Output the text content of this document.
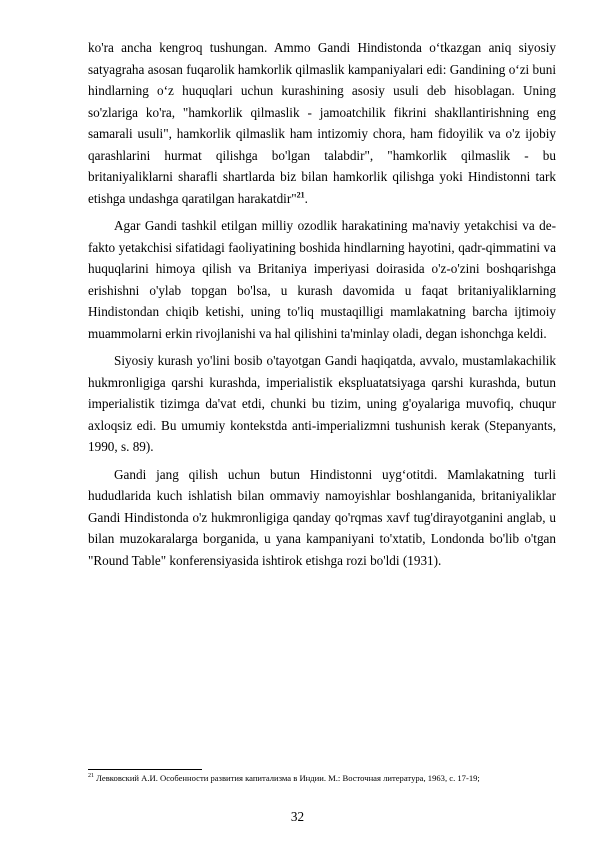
ko'ra ancha kengroq tushungan. Ammo Gandi Hindistonda o‘tkazgan aniq siyosiy satyagraha asosan fuqarolik hamkorlik qilmaslik kampaniyalari edi: Gandining o‘zi buni hindlarning o‘z huquqlari uchun kurashining asosiy usuli deb hisoblagan. Uning so'zlariga ko'ra, "hamkorlik qilmaslik - jamoatchilik fikrini shakllantirishning eng samarali usuli", hamkorlik qilmaslik ham intizomiy chora, ham fidoyilik va o'z ijobiy qarashlarini hurmat qilishga bo'lgan talabdir", "hamkorlik qilmaslik - bu britaniyaliklarni sharafli shartlarda biz bilan hamkorlik qilishga yoki Hindistonni tark etishga undashga qaratilgan harakatdir"$^{21}$.

Agar Gandi tashkil etilgan milliy ozodlik harakatining ma'naviy yetakchisi va de-fakto yetakchisi sifatidagi faoliyatining boshida hindlarning hayotini, qadr-qimmatini va huquqlarini himoya qilish va Britaniya imperiyasi doirasida o'z-o'zini boshqarishga erishishni o'ylab topgan bo'lsa, u kurash davomida u faqat britaniyaliklarning Hindistondan chiqib ketishi, uning to'liq mustaqilligi mamlakatning barcha ijtimoiy muammolarni erkin rivojlanishi va hal qilishini ta'minlay oladi, degan ishonchga keldi.

Siyosiy kurash yo'lini bosib o'tayotgan Gandi haqiqatda, avvalo, mustamlakachilik hukmronligiga qarshi kurashda, imperialistik ekspluatatsiyaga qarshi kurashda, butun imperialistik tizimga da'vat etdi, chunki bu tizim, uning g'oyalariga muvofiq, chuqur axloqsiz edi. Bu umumiy kontekstda anti-imperializmni tushunish kerak (Stepanyants, 1990, s. 89).

Gandi jang qilish uchun butun Hindistonni uyg‘otitdi. Mamlakatning turli hududlarida kuch ishlatish bilan ommaviy namoyishlar boshlanganida, britaniyaliklar Gandi Hindistonda o'z hukmronligiga qanday qo'rqmas xavf tug'dirayotganini anglab, u bilan muzokaralarga borganida, u yana kampaniyani to'xtatib, Londonda bo'lib o'tgan "Round Table" konferensiyasida ishtirok etishga rozi bo'ldi (1931).

$^{21}$ Левковский А.И. Особенности развития капитализма в Индии. М.: Восточная литература, 1963, с. 17-19;
32
